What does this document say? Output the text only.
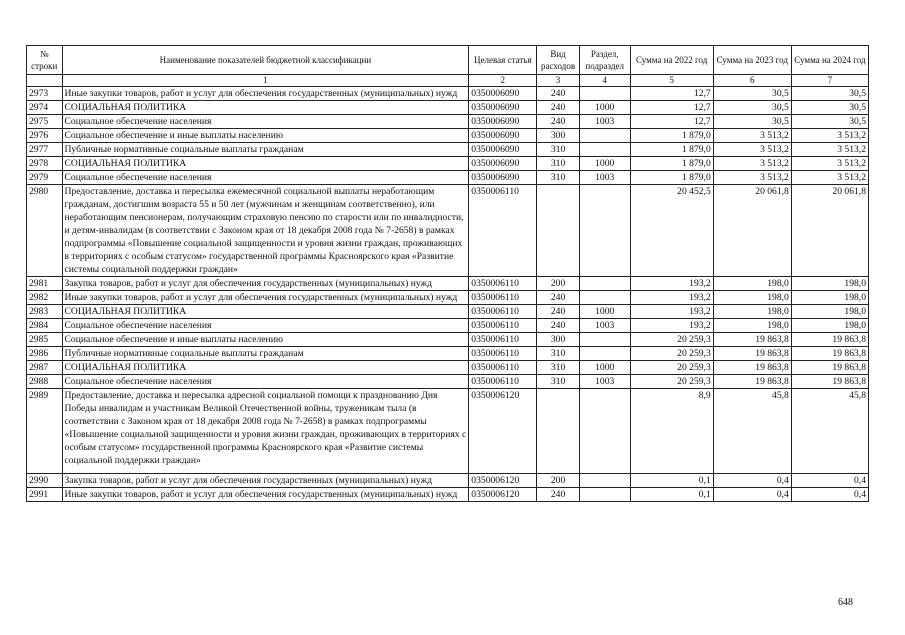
№ строки	Наименование показателей бюджетной классификации	Целевая статья	Вид расходов	Раздел, подраздел	Сумма на 2022 год	Сумма на 2023 год	Сумма на 2024 год
	1	2	3	4	5	6	7
2973	Иные закупки товаров, работ и услуг для обеспечения государственных (муниципальных) нужд	0350006090	240		12,7	30,5	30,5
2974	СОЦИАЛЬНАЯ ПОЛИТИКА	0350006090	240	1000	12,7	30,5	30,5
2975	Социальное обеспечение населения	0350006090	240	1003	12,7	30,5	30,5
2976	Социальное обеспечение и иные выплаты населению	0350006090	300		1 879,0	3 513,2	3 513,2
2977	Публичные нормативные социальные выплаты гражданам	0350006090	310		1 879,0	3 513,2	3 513,2
2978	СОЦИАЛЬНАЯ ПОЛИТИКА	0350006090	310	1000	1 879,0	3 513,2	3 513,2
2979	Социальное обеспечение населения	0350006090	310	1003	1 879,0	3 513,2	3 513,2
2980	Предоставление, доставка и пересылка ежемесячной социальной выплаты неработающим гражданам, достигшим возраста 55 и 50 лет (мужчинам и женщинам соответственно), или неработающим пенсионерам, получающим страховую пенсию по старости или по инвалидности, и детям-инвалидам (в соответствии с Законом края от 18 декабря 2008 года № 7-2658) в рамках подпрограммы «Повышение социальной защищенности и уровня жизни граждан, проживающих в территориях с особым статусом» государственной программы Красноярского края «Развитие системы социальной поддержки граждан»	0350006110			20 452,5	20 061,8	20 061,8
2981	Закупка товаров, работ и услуг для обеспечения государственных (муниципальных) нужд	0350006110	200		193,2	198,0	198,0
2982	Иные закупки товаров, работ и услуг для обеспечения государственных (муниципальных) нужд	0350006110	240		193,2	198,0	198,0
2983	СОЦИАЛЬНАЯ ПОЛИТИКА	0350006110	240	1000	193,2	198,0	198,0
2984	Социальное обеспечение населения	0350006110	240	1003	193,2	198,0	198,0
2985	Социальное обеспечение и иные выплаты населению	0350006110	300		20 259,3	19 863,8	19 863,8
2986	Публичные нормативные социальные выплаты гражданам	0350006110	310		20 259,3	19 863,8	19 863,8
2987	СОЦИАЛЬНАЯ ПОЛИТИКА	0350006110	310	1000	20 259,3	19 863,8	19 863,8
2988	Социальное обеспечение населения	0350006110	310	1003	20 259,3	19 863,8	19 863,8
2989	Предоставление, доставка и пересылка адресной социальной помощи к празднованию Дня Победы инвалидам и участникам Великой Отечественной войны, труженикам тыла (в соответствии с Законом края от 18 декабря 2008 года № 7-2658) в рамках подпрограммы «Повышение социальной защищенности и уровня жизни граждан, проживающих в территориях с особым статусом» государственной программы Красноярского края «Развитие системы социальной поддержки граждан»	0350006120			8,9	45,8	45,8
2990	Закупка товаров, работ и услуг для обеспечения государственных (муниципальных) нужд	0350006120	200		0,1	0,4	0,4
2991	Иные закупки товаров, работ и услуг для обеспечения государственных (муниципальных) нужд	0350006120	240		0,1	0,4	0,4
648
